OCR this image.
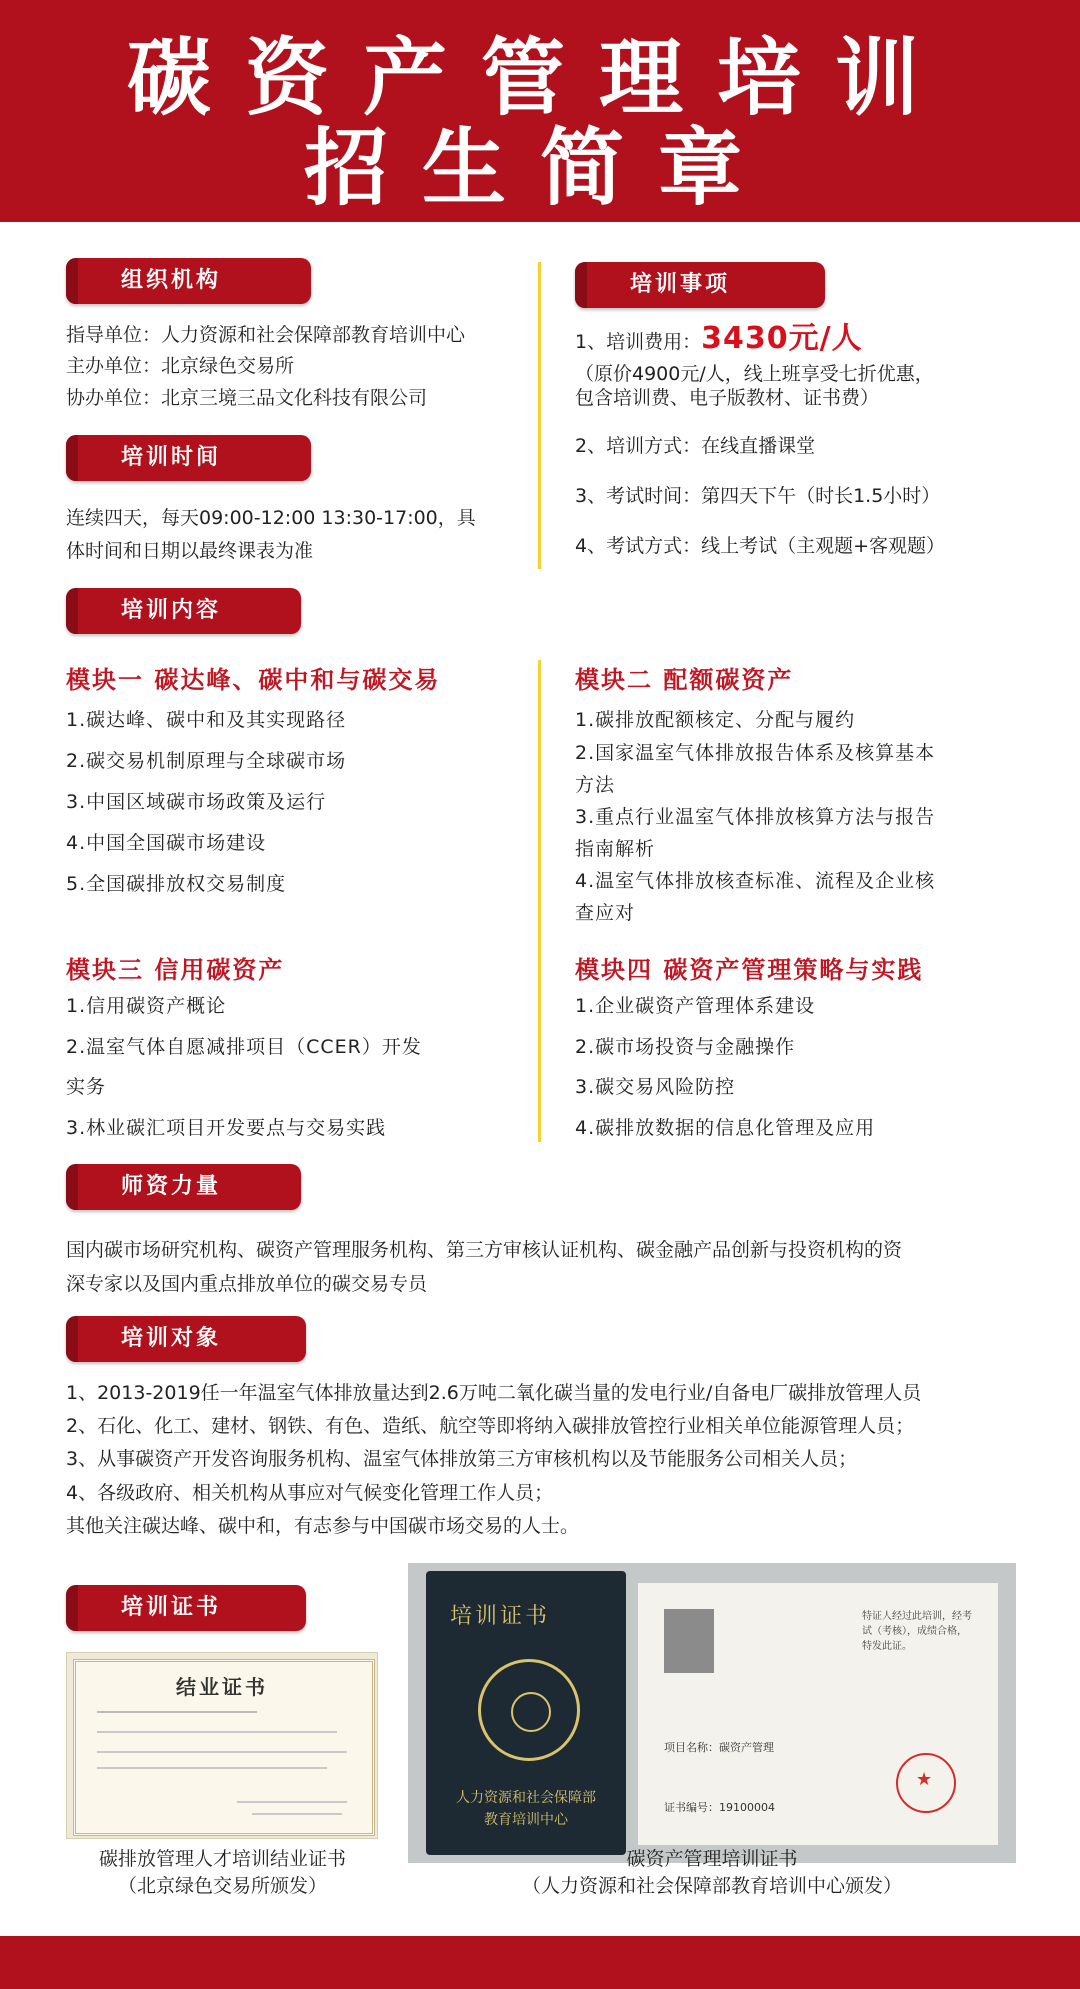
碳资产管理培训
招生简章
组织机构
指导单位：人力资源和社会保障部教育培训中心
主办单位：北京绿色交易所
协办单位：北京三境三品文化科技有限公司
培训时间
连续四天，每天09:00-12:00 13:30-17:00，具
体时间和日期以最终课表为准
培训事项
1、培训费用：3430元/人
（原价4900元/人，线上班享受七折优惠，
包含培训费、电子版教材、证书费）
2、培训方式：在线直播课堂
3、考试时间：第四天下午（时长1.5小时）
4、考试方式：线上考试（主观题+客观题）
培训内容
模块一 碳达峰、碳中和与碳交易
1.碳达峰、碳中和及其实现路径
2.碳交易机制原理与全球碳市场
3.中国区域碳市场政策及运行
4.中国全国碳市场建设
5.全国碳排放权交易制度
模块二 配额碳资产
1.碳排放配额核定、分配与履约
2.国家温室气体排放报告体系及核算基本
方法
3.重点行业温室气体排放核算方法与报告
指南解析
4.温室气体排放核查标准、流程及企业核
查应对
模块三 信用碳资产
1.信用碳资产概论
2.温室气体自愿减排项目（CCER）开发
实务
3.林业碳汇项目开发要点与交易实践
模块四 碳资产管理策略与实践
1.企业碳资产管理体系建设
2.碳市场投资与金融操作
3.碳交易风险防控
4.碳排放数据的信息化管理及应用
师资力量
国内碳市场研究机构、碳资产管理服务机构、第三方审核认证机构、碳金融产品创新与投资机构的资
深专家以及国内重点排放单位的碳交易专员
培训对象
1、2013-2019任一年温室气体排放量达到2.6万吨二氧化碳当量的发电行业/自备电厂碳排放管理人员
2、石化、化工、建材、钢铁、有色、造纸、航空等即将纳入碳排放管控行业相关单位能源管理人员；
3、从事碳资产开发咨询服务机构、温室气体排放第三方审核机构以及节能服务公司相关人员；
4、各级政府、相关机构从事应对气候变化管理工作人员；
其他关注碳达峰、碳中和，有志参与中国碳市场交易的人士。
培训证书
结业证书
碳排放管理人才培训结业证书
（北京绿色交易所颁发）
培训证书
人力资源和社会保障部
教育培训中心
特证人经过此培训，经考试（考核），成绩合格，特发此证。
项目名称：碳资产管理
证书编号：19100004
★
碳资产管理培训证书
（人力资源和社会保障部教育培训中心颁发）
